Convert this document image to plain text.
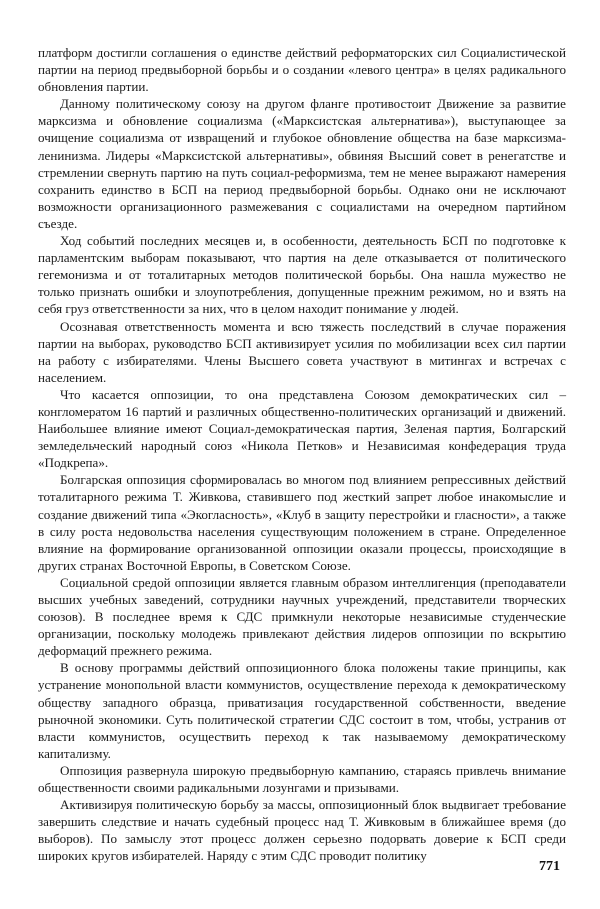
платформ достигли соглашения о единстве действий реформаторских сил Социалистической партии на период предвыборной борьбы и о создании «левого центра» в целях радикального обновления партии.

Данному политическому союзу на другом фланге противостоит Движение за развитие марксизма и обновление социализма («Марксистская альтернатива»), выступающее за очищение социализма от извращений и глубокое обновление общества на базе марксизма-ленинизма. Лидеры «Марксистской альтернативы», обвиняя Высший совет в ренегатстве и стремлении свернуть партию на путь социал-реформизма, тем не менее выражают намерения сохранить единство в БСП на период предвыборной борьбы. Однако они не исключают возможности организационного размежевания с социалистами на очередном партийном съезде.

Ход событий последних месяцев и, в особенности, деятельность БСП по подготовке к парламентским выборам показывают, что партия на деле отказывается от политического гегемонизма и от тоталитарных методов политической борьбы. Она нашла мужество не только признать ошибки и злоупотребления, допущенные прежним режимом, но и взять на себя груз ответственности за них, что в целом находит понимание у людей.

Осознавая ответственность момента и всю тяжесть последствий в случае поражения партии на выборах, руководство БСП активизирует усилия по мобилизации всех сил партии на работу с избирателями. Члены Высшего совета участвуют в митингах и встречах с населением.

Что касается оппозиции, то она представлена Союзом демократических сил – конгломератом 16 партий и различных общественно-политических организаций и движений. Наибольшее влияние имеют Социал-демократическая партия, Зеленая партия, Болгарский земледельческий народный союз «Никола Петков» и Независимая конфедерация труда «Подкрепа».

Болгарская оппозиция сформировалась во многом под влиянием репрессивных действий тоталитарного режима Т. Живкова, ставившего под жесткий запрет любое инакомыслие и создание движений типа «Экогласность», «Клуб в защиту перестройки и гласности», а также в силу роста недовольства населения существующим положением в стране. Определенное влияние на формирование организованной оппозиции оказали процессы, происходящие в других странах Восточной Европы, в Советском Союзе.

Социальной средой оппозиции является главным образом интеллигенция (преподаватели высших учебных заведений, сотрудники научных учреждений, представители творческих союзов). В последнее время к СДС примкнули некоторые независимые студенческие организации, поскольку молодежь привлекают действия лидеров оппозиции по вскрытию деформаций прежнего режима.

В основу программы действий оппозиционного блока положены такие принципы, как устранение монопольной власти коммунистов, осуществление перехода к демократическому обществу западного образца, приватизация государственной собственности, введение рыночной экономики. Суть политической стратегии СДС состоит в том, чтобы, устранив от власти коммунистов, осуществить переход к так называемому демократическому капитализму.

Оппозиция развернула широкую предвыборную кампанию, стараясь привлечь внимание общественности своими радикальными лозунгами и призывами.

Активизируя политическую борьбу за массы, оппозиционный блок выдвигает требование завершить следствие и начать судебный процесс над Т. Живковым в ближайшее время (до выборов). По замыслу этот процесс должен серьезно подорвать доверие к БСП среди широких кругов избирателей. Наряду с этим СДС проводит политику

771
